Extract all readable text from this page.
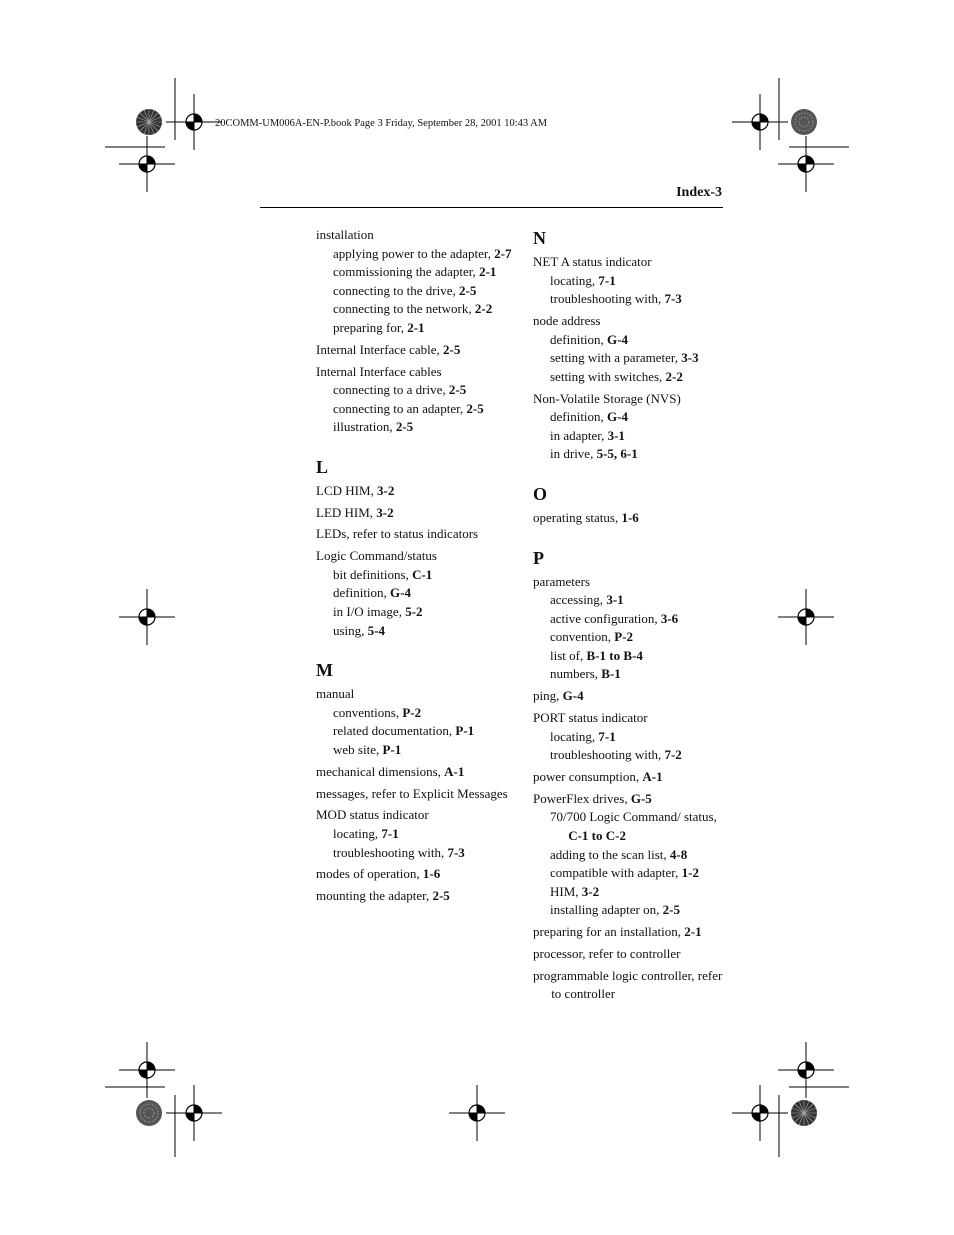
20COMM-UM006A-EN-P.book Page 3 Friday, September 28, 2001 10:43 AM
Index-3
installation
applying power to the adapter, 2-7
commissioning the adapter, 2-1
connecting to the drive, 2-5
connecting to the network, 2-2
preparing for, 2-1
Internal Interface cable, 2-5
Internal Interface cables
connecting to a drive, 2-5
connecting to an adapter, 2-5
illustration, 2-5
L
LCD HIM, 3-2
LED HIM, 3-2
LEDs, refer to status indicators
Logic Command/status
bit definitions, C-1
definition, G-4
in I/O image, 5-2
using, 5-4
M
manual
conventions, P-2
related documentation, P-1
web site, P-1
mechanical dimensions, A-1
messages, refer to Explicit Messages
MOD status indicator
locating, 7-1
troubleshooting with, 7-3
modes of operation, 1-6
mounting the adapter, 2-5
N
NET A status indicator
locating, 7-1
troubleshooting with, 7-3
node address
definition, G-4
setting with a parameter, 3-3
setting with switches, 2-2
Non-Volatile Storage (NVS)
definition, G-4
in adapter, 3-1
in drive, 5-5, 6-1
O
operating status, 1-6
P
parameters
accessing, 3-1
active configuration, 3-6
convention, P-2
list of, B-1 to B-4
numbers, B-1
ping, G-4
PORT status indicator
locating, 7-1
troubleshooting with, 7-2
power consumption, A-1
PowerFlex drives, G-5
70/700 Logic Command/ status, C-1 to C-2
adding to the scan list, 4-8
compatible with adapter, 1-2
HIM, 3-2
installing adapter on, 2-5
preparing for an installation, 2-1
processor, refer to controller
programmable logic controller, refer to controller
